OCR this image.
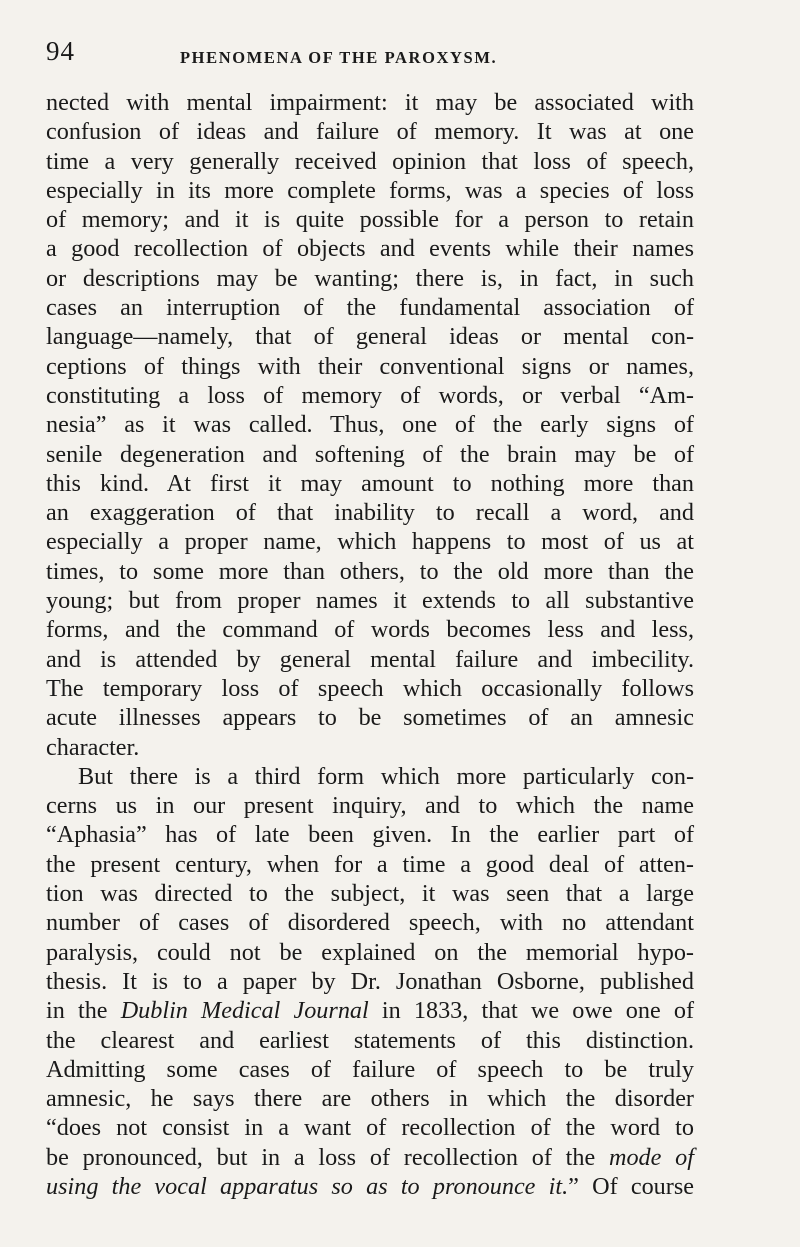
94	PHENOMENA OF THE PAROXYSM.
nected with mental impairment: it may be associated with
confusion of ideas and failure of memory. It was at one
time a very generally received opinion that loss of speech,
especially in its more complete forms, was a species of loss
of memory; and it is quite possible for a person to retain
a good recollection of objects and events while their names
or descriptions may be wanting; there is, in fact, in such
cases an interruption of the fundamental association of
language—namely, that of general ideas or mental con-
ceptions of things with their conventional signs or names,
constituting a loss of memory of words, or verbal “Am-
nesia” as it was called. Thus, one of the early signs of
senile degeneration and softening of the brain may be of
this kind. At first it may amount to nothing more than
an exaggeration of that inability to recall a word, and
especially a proper name, which happens to most of us at
times, to some more than others, to the old more than the
young; but from proper names it extends to all substantive
forms, and the command of words becomes less and less,
and is attended by general mental failure and imbecility.
The temporary loss of speech which occasionally follows
acute illnesses appears to be sometimes of an amnesic
character.
But there is a third form which more particularly con-
cerns us in our present inquiry, and to which the name
“Aphasia” has of late been given. In the earlier part of
the present century, when for a time a good deal of atten-
tion was directed to the subject, it was seen that a large
number of cases of disordered speech, with no attendant
paralysis, could not be explained on the memorial hypo-
thesis. It is to a paper by Dr. Jonathan Osborne, published
in the Dublin Medical Journal in 1833, that we owe one of
the clearest and earliest statements of this distinction.
Admitting some cases of failure of speech to be truly
amnesic, he says there are others in which the disorder
“does not consist in a want of recollection of the word to
be pronounced, but in a loss of recollection of the mode of
using the vocal apparatus so as to pronounce it.” Of course
